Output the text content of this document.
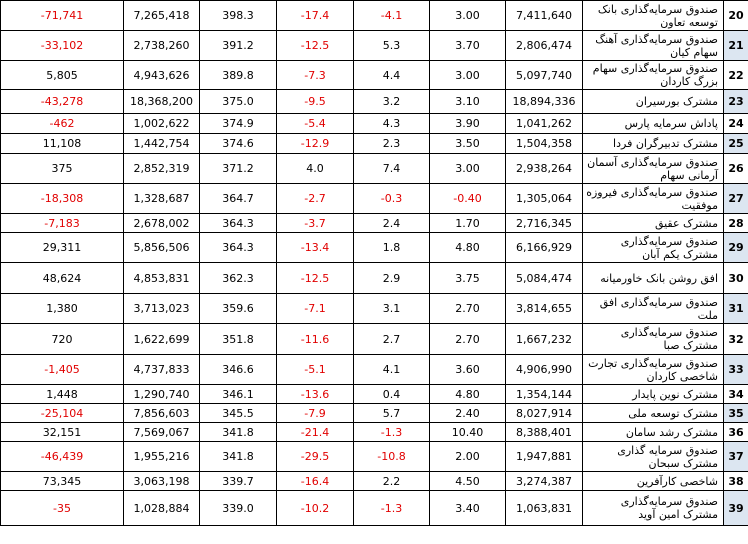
-71,741	7,265,418	398.3	-17.4	-4.1	3.00	7,411,640	صندوق سرمایه‌گذاری بانک توسعه تعاون	20
-33,102	2,738,260	391.2	-12.5	5.3	3.70	2,806,474	صندوق سرمایه‌گذاری آهنگ سهام کیان	21
5,805	4,943,626	389.8	-7.3	4.4	3.00	5,097,740	صندوق سرمایه‌گذاری سهام بزرگ کاردان	22
-43,278	18,368,200	375.0	-9.5	3.2	3.10	18,894,336	مشترک بورسیران	23
-462	1,002,622	374.9	-5.4	4.3	3.90	1,041,262	پاداش سرمایه پارس	24
11,108	1,442,754	374.6	-12.9	2.3	3.50	1,504,358	مشترک تدبیرگران فردا	25
375	2,852,319	371.2	4.0	7.4	3.00	2,938,264	صندوق سرمایه‌گذاری آسمان آرمانی سهام	26
-18,308	1,328,687	364.7	-2.7	-0.3	-0.40	1,305,064	صندوق سرمایه‌گذاری فیروزه موفقیت	27
-7,183	2,678,002	364.3	-3.7	2.4	1.70	2,716,345	مشترک عقیق	28
29,311	5,856,506	364.3	-13.4	1.8	4.80	6,166,929	صندوق سرمایه‌گذاری مشترک یکم آبان	29
48,624	4,853,831	362.3	-12.5	2.9	3.75	5,084,474	افق روشن بانک خاورمیانه	30
1,380	3,713,023	359.6	-7.1	3.1	2.70	3,814,655	صندوق سرمایه‌گذاری افق ملت	31
720	1,622,699	351.8	-11.6	2.7	2.70	1,667,232	صندوق سرمایه‌گذاری مشترک صبا	32
-1,405	4,737,833	346.6	-5.1	4.1	3.60	4,906,990	صندوق سرمایه‌گذاری تجارت شاخصی کاردان	33
1,448	1,290,740	346.1	-13.6	0.4	4.80	1,354,144	مشترک نوین پایدار	34
-25,104	7,856,603	345.5	-7.9	5.7	2.40	8,027,914	مشترک توسعه ملی	35
32,151	7,569,067	341.8	-21.4	-1.3	10.40	8,388,401	مشترک رشد سامان	36
-46,439	1,955,216	341.8	-29.5	-10.8	2.00	1,947,881	صندوق سرمایه گذاری مشترک سبحان	37
73,345	3,063,198	339.7	-16.4	2.2	4.50	3,274,387	شاخصی کارآفرین	38
-35	1,028,884	339.0	-10.2	-1.3	3.40	1,063,831	صندوق سرمایه‌گذاری مشترک امین آوید	39
